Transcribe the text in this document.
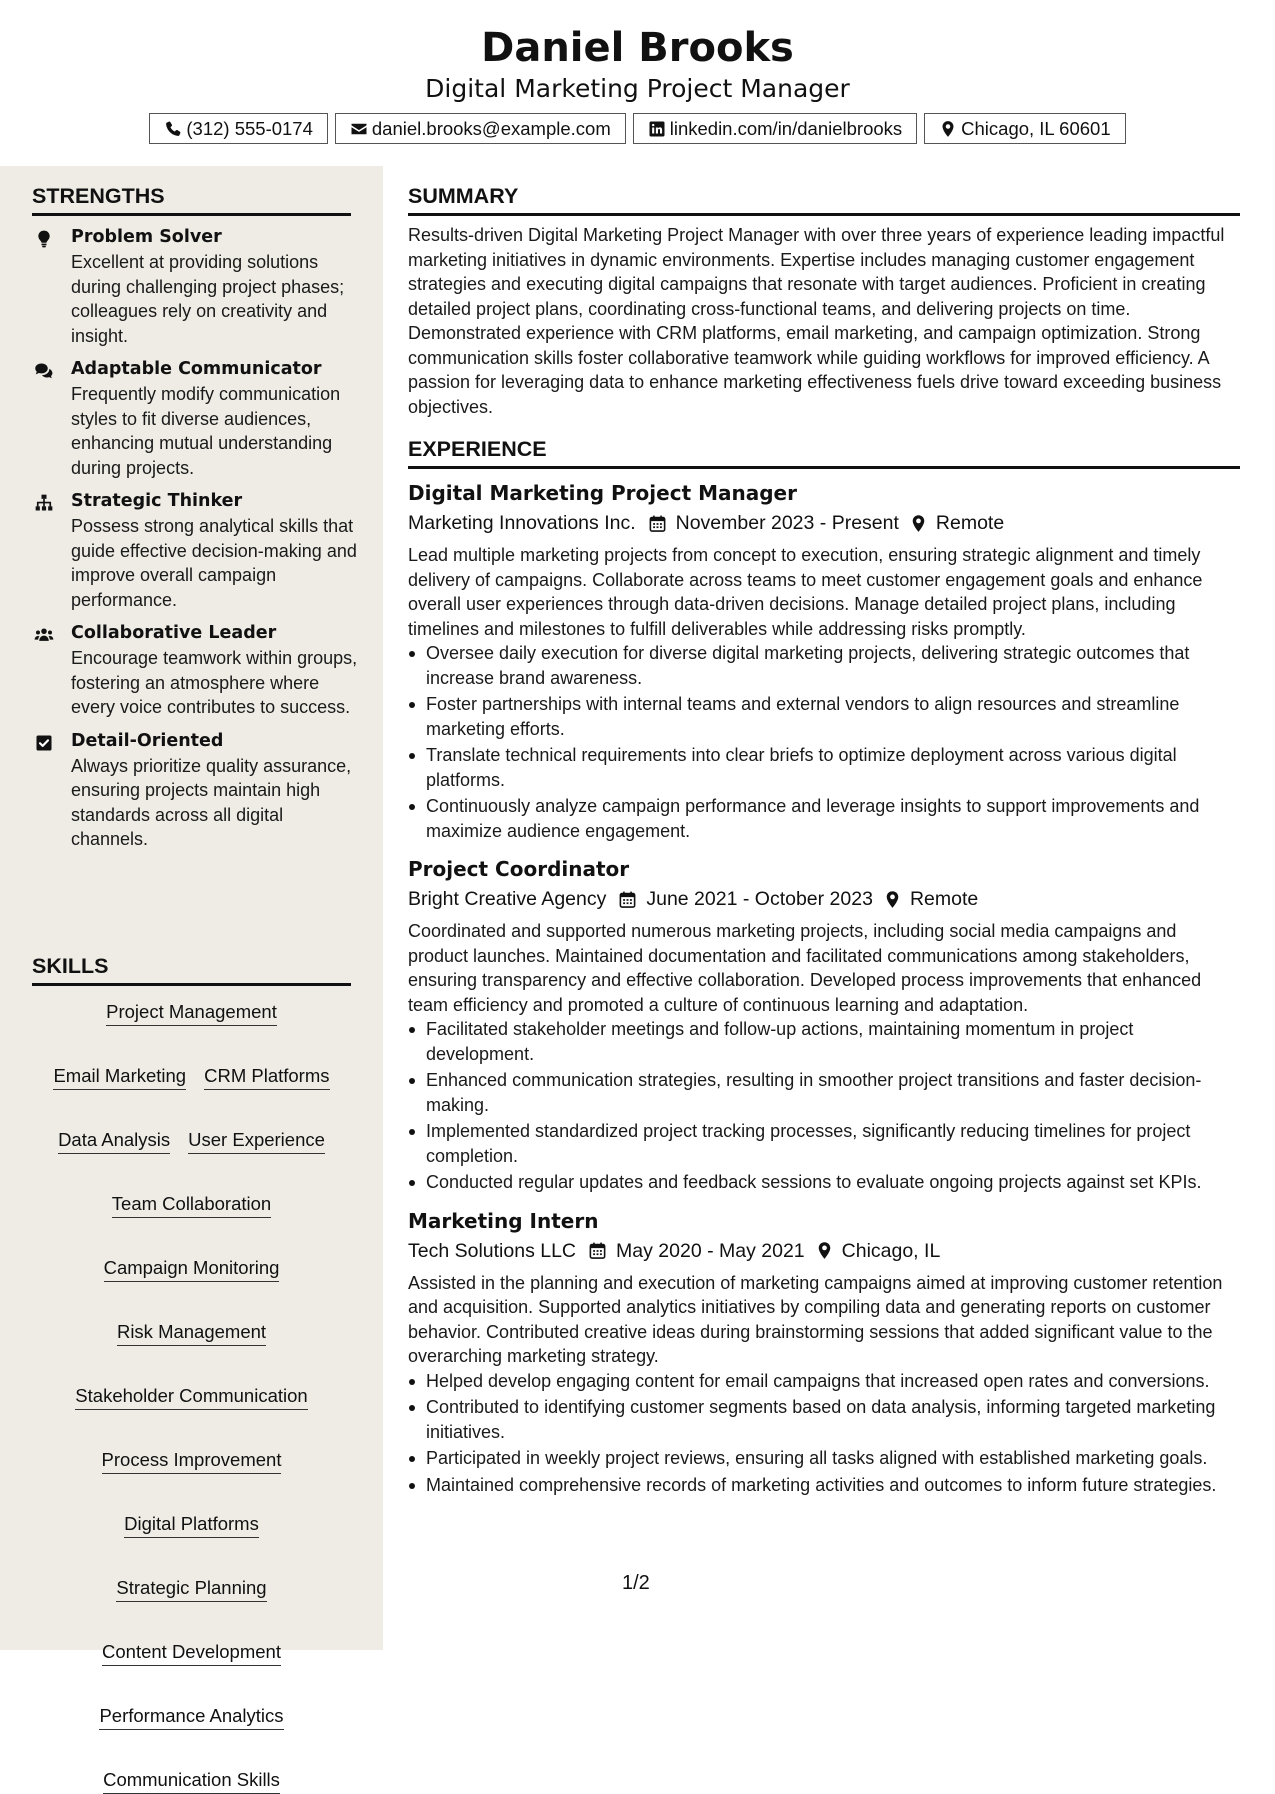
Daniel Brooks
Digital Marketing Project Manager
(312) 555-0174	daniel.brooks@example.com	linkedin.com/in/danielbrooks	Chicago, IL 60601
STRENGTHS
Problem Solver
Excellent at providing solutions during challenging project phases; colleagues rely on creativity and insight.
Adaptable Communicator
Frequently modify communication styles to fit diverse audiences, enhancing mutual understanding during projects.
Strategic Thinker
Possess strong analytical skills that guide effective decision-making and improve overall campaign performance.
Collaborative Leader
Encourage teamwork within groups, fostering an atmosphere where every voice contributes to success.
Detail-Oriented
Always prioritize quality assurance, ensuring projects maintain high standards across all digital channels.
SKILLS
Project Management
Email Marketing CRM Platforms
Data Analysis User Experience
Team Collaboration
Campaign Monitoring
Risk Management
Stakeholder Communication
Process Improvement
Digital Platforms
Strategic Planning
Content Development
Performance Analytics
Communication Skills
SUMMARY
Results-driven Digital Marketing Project Manager with over three years of experience leading impactful marketing initiatives in dynamic environments. Expertise includes managing customer engagement strategies and executing digital campaigns that resonate with target audiences. Proficient in creating detailed project plans, coordinating cross-functional teams, and delivering projects on time. Demonstrated experience with CRM platforms, email marketing, and campaign optimization. Strong communication skills foster collaborative teamwork while guiding workflows for improved efficiency. A passion for leveraging data to enhance marketing effectiveness fuels drive toward exceeding business objectives.
EXPERIENCE
Digital Marketing Project Manager
Marketing Innovations Inc. November 2023 - Present Remote
Lead multiple marketing projects from concept to execution, ensuring strategic alignment and timely delivery of campaigns. Collaborate across teams to meet customer engagement goals and enhance overall user experiences through data-driven decisions. Manage detailed project plans, including timelines and milestones to fulfill deliverables while addressing risks promptly.
Oversee daily execution for diverse digital marketing projects, delivering strategic outcomes that increase brand awareness.
Foster partnerships with internal teams and external vendors to align resources and streamline marketing efforts.
Translate technical requirements into clear briefs to optimize deployment across various digital platforms.
Continuously analyze campaign performance and leverage insights to support improvements and maximize audience engagement.
Project Coordinator
Bright Creative Agency June 2021 - October 2023 Remote
Coordinated and supported numerous marketing projects, including social media campaigns and product launches. Maintained documentation and facilitated communications among stakeholders, ensuring transparency and effective collaboration. Developed process improvements that enhanced team efficiency and promoted a culture of continuous learning and adaptation.
Facilitated stakeholder meetings and follow-up actions, maintaining momentum in project development.
Enhanced communication strategies, resulting in smoother project transitions and faster decision-making.
Implemented standardized project tracking processes, significantly reducing timelines for project completion.
Conducted regular updates and feedback sessions to evaluate ongoing projects against set KPIs.
Marketing Intern
Tech Solutions LLC May 2020 - May 2021 Chicago, IL
Assisted in the planning and execution of marketing campaigns aimed at improving customer retention and acquisition. Supported analytics initiatives by compiling data and generating reports on customer behavior. Contributed creative ideas during brainstorming sessions that added significant value to the overarching marketing strategy.
Helped develop engaging content for email campaigns that increased open rates and conversions.
Contributed to identifying customer segments based on data analysis, informing targeted marketing initiatives.
Participated in weekly project reviews, ensuring all tasks aligned with established marketing goals.
Maintained comprehensive records of marketing activities and outcomes to inform future strategies.
1/2
